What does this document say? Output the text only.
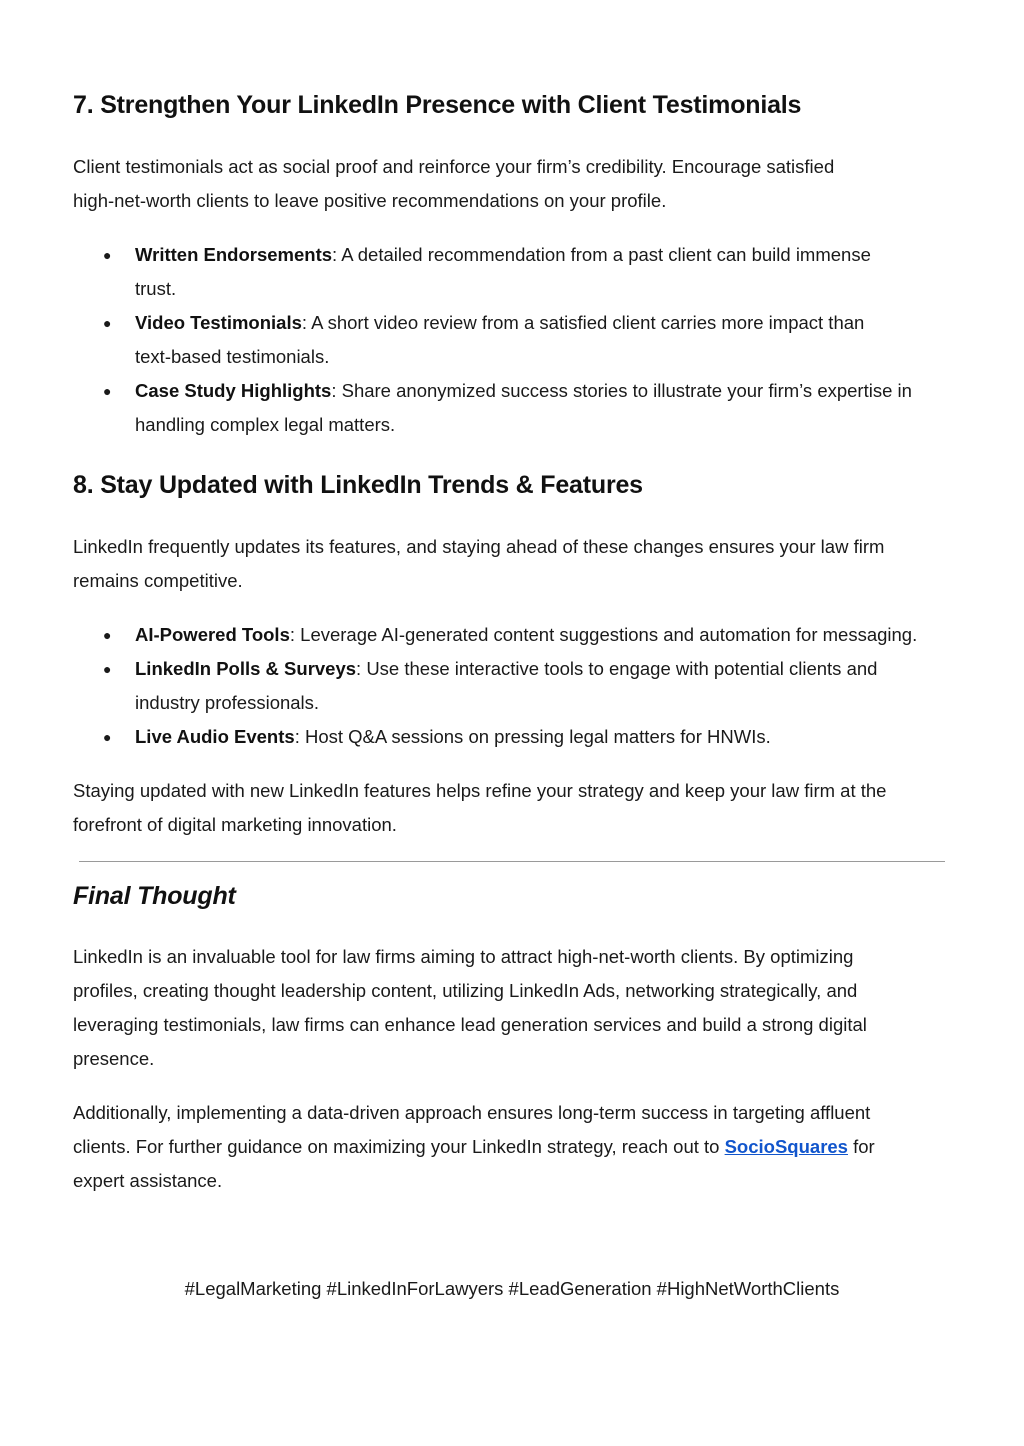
7. Strengthen Your LinkedIn Presence with Client Testimonials

Client testimonials act as social proof and reinforce your firm’s credibility. Encourage satisfied

high-net-worth clients to leave positive recommendations on your profile.

● Written Endorsements: A detailed recommendation from a past client can build immense
trust.
● Video Testimonials: A short video review from a satisfied client carries more impact than
text-based testimonials.
● Case Study Highlights: Share anonymized success stories to illustrate your firm’s expertise in
handling complex legal matters.
8. Stay Updated with LinkedIn Trends & Features

LinkedIn frequently updates its features, and staying ahead of these changes ensures your law firm

remains competitive.

● AI-Powered Tools: Leverage AI-generated content suggestions and automation for messaging.
● LinkedIn Polls & Surveys: Use these interactive tools to engage with potential clients and
industry professionals.
● Live Audio Events: Host Q&A sessions on pressing legal matters for HNWIs.

Staying updated with new LinkedIn features helps refine your strategy and keep your law firm at the

forefront of digital marketing innovation.

Final Thought

LinkedIn is an invaluable tool for law firms aiming to attract high-net-worth clients. By optimizing

profiles, creating thought leadership content, utilizing LinkedIn Ads, networking strategically, and

leveraging testimonials, law firms can enhance lead generation services and build a strong digital

presence.

Additionally, implementing a data-driven approach ensures long-term success in targeting affluent

clients. For further guidance on maximizing your LinkedIn strategy, reach out to SocioSquares for

expert assistance.

#LegalMarketing #LinkedInForLawyers #LeadGeneration #HighNetWorthClients
